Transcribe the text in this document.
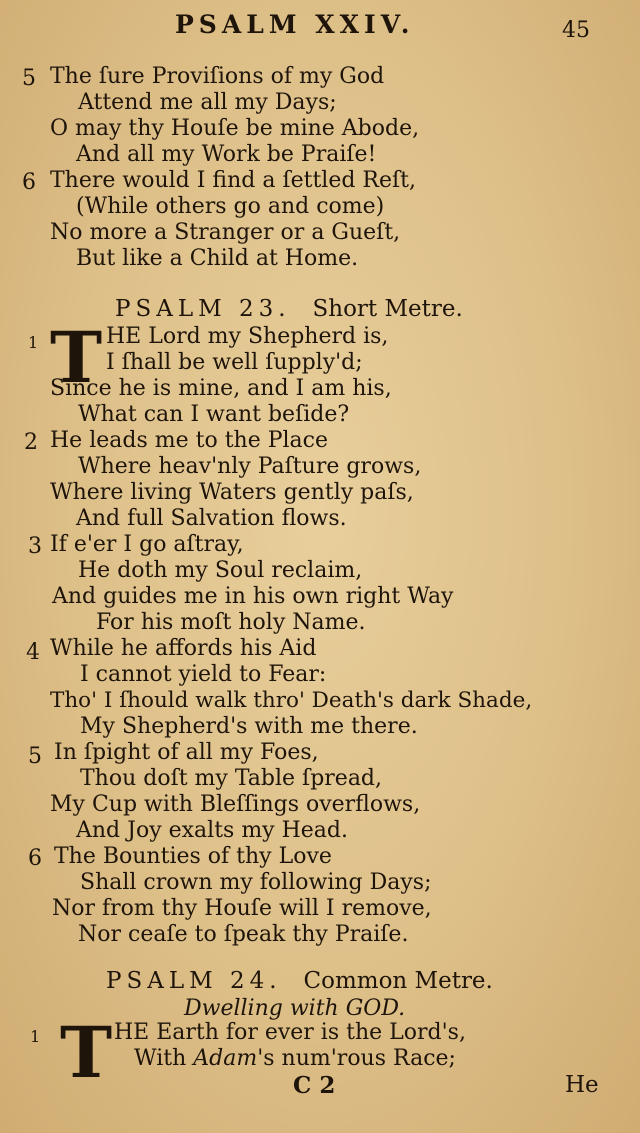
PSALM XXIV.	45
5
6
The ſure Proviſions of my God
Attend me all my Days;
O may thy Houſe be mine Abode,
And all my Work be Praiſe!
There would I find a ſettled Reſt,
(While others go and come)
No more a Stranger or a Gueſt,
But like a Child at Home.
PSALM 23. Short Metre.
1 T HE Lord my Shepherd is,
I ſhall be well ſupply'd;
Since he is mine, and I am his,
What can I want beſide?
2 He leads me to the Place
Where heav'nly Paſture grows,
Where living Waters gently paſs,
And full Salvation flows.
3 If e'er I go aſtray,
He doth my Soul reclaim,
And guides me in his own right Way
For his moſt holy Name.
4 While he affords his Aid
I cannot yield to Fear:
Tho' I ſhould walk thro' Death's dark Shade,
My Shepherd's with me there.
5 In ſpight of all my Foes,
Thou doſt my Table ſpread,
My Cup with Bleſſings overflows,
And Joy exalts my Head.
6 The Bounties of thy Love
Shall crown my following Days;
Nor from thy Houſe will I remove,
Nor ceaſe to ſpeak thy Praiſe.
PSALM 24. Common Metre.
Dwelling with GOD.
1 T HE Earth for ever is the Lord's,
With Adam's num'rous Race;
C 2	He
